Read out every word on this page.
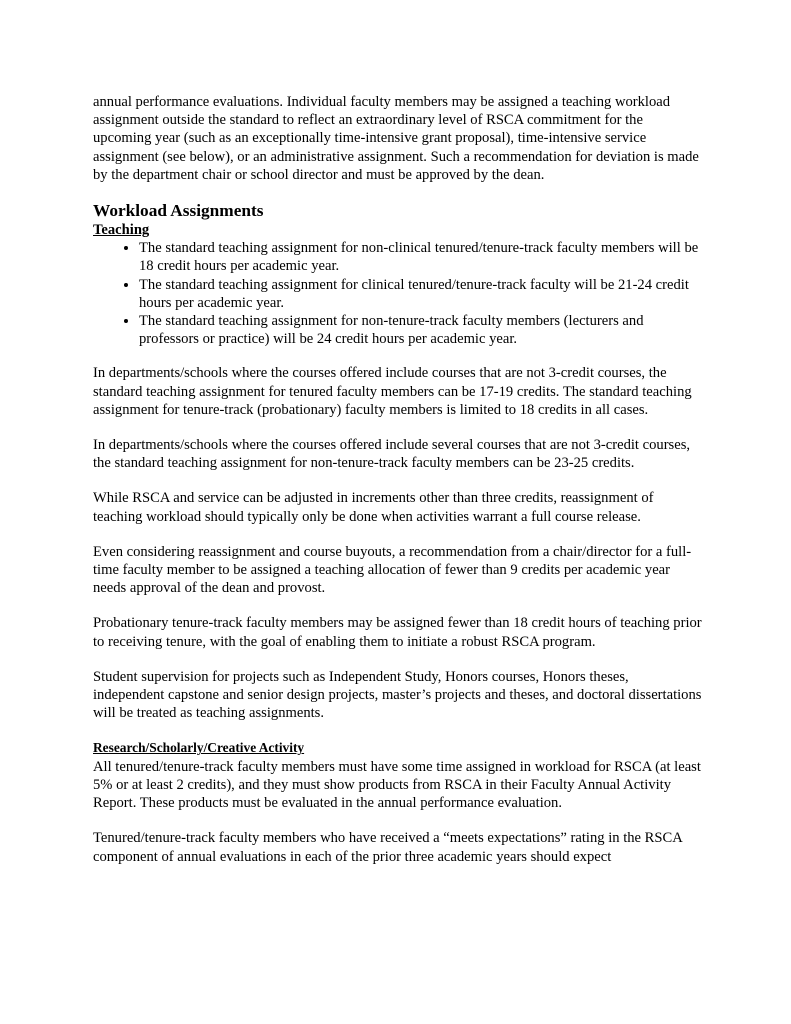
annual performance evaluations. Individual faculty members may be assigned a teaching workload assignment outside the standard to reflect an extraordinary level of RSCA commitment for the upcoming year (such as an exceptionally time-intensive grant proposal), time-intensive service assignment (see below), or an administrative assignment. Such a recommendation for deviation is made by the department chair or school director and must be approved by the dean.

Workload Assignments
Teaching
• The standard teaching assignment for non-clinical tenured/tenure-track faculty members will be 18 credit hours per academic year.
• The standard teaching assignment for clinical tenured/tenure-track faculty will be 21-24 credit hours per academic year.
• The standard teaching assignment for non-tenure-track faculty members (lecturers and professors or practice) will be 24 credit hours per academic year.

In departments/schools where the courses offered include courses that are not 3-credit courses, the standard teaching assignment for tenured faculty members can be 17-19 credits. The standard teaching assignment for tenure-track (probationary) faculty members is limited to 18 credits in all cases.

In departments/schools where the courses offered include several courses that are not 3-credit courses, the standard teaching assignment for non-tenure-track faculty members can be 23-25 credits.

While RSCA and service can be adjusted in increments other than three credits, reassignment of teaching workload should typically only be done when activities warrant a full course release.

Even considering reassignment and course buyouts, a recommendation from a chair/director for a full-time faculty member to be assigned a teaching allocation of fewer than 9 credits per academic year needs approval of the dean and provost.

Probationary tenure-track faculty members may be assigned fewer than 18 credit hours of teaching prior to receiving tenure, with the goal of enabling them to initiate a robust RSCA program.

Student supervision for projects such as Independent Study, Honors courses, Honors theses, independent capstone and senior design projects, master’s projects and theses, and doctoral dissertations will be treated as teaching assignments.

Research/Scholarly/Creative Activity

All tenured/tenure-track faculty members must have some time assigned in workload for RSCA (at least 5% or at least 2 credits), and they must show products from RSCA in their Faculty Annual Activity Report. These products must be evaluated in the annual performance evaluation.

Tenured/tenure-track faculty members who have received a “meets expectations” rating in the RSCA component of annual evaluations in each of the prior three academic years should expect
